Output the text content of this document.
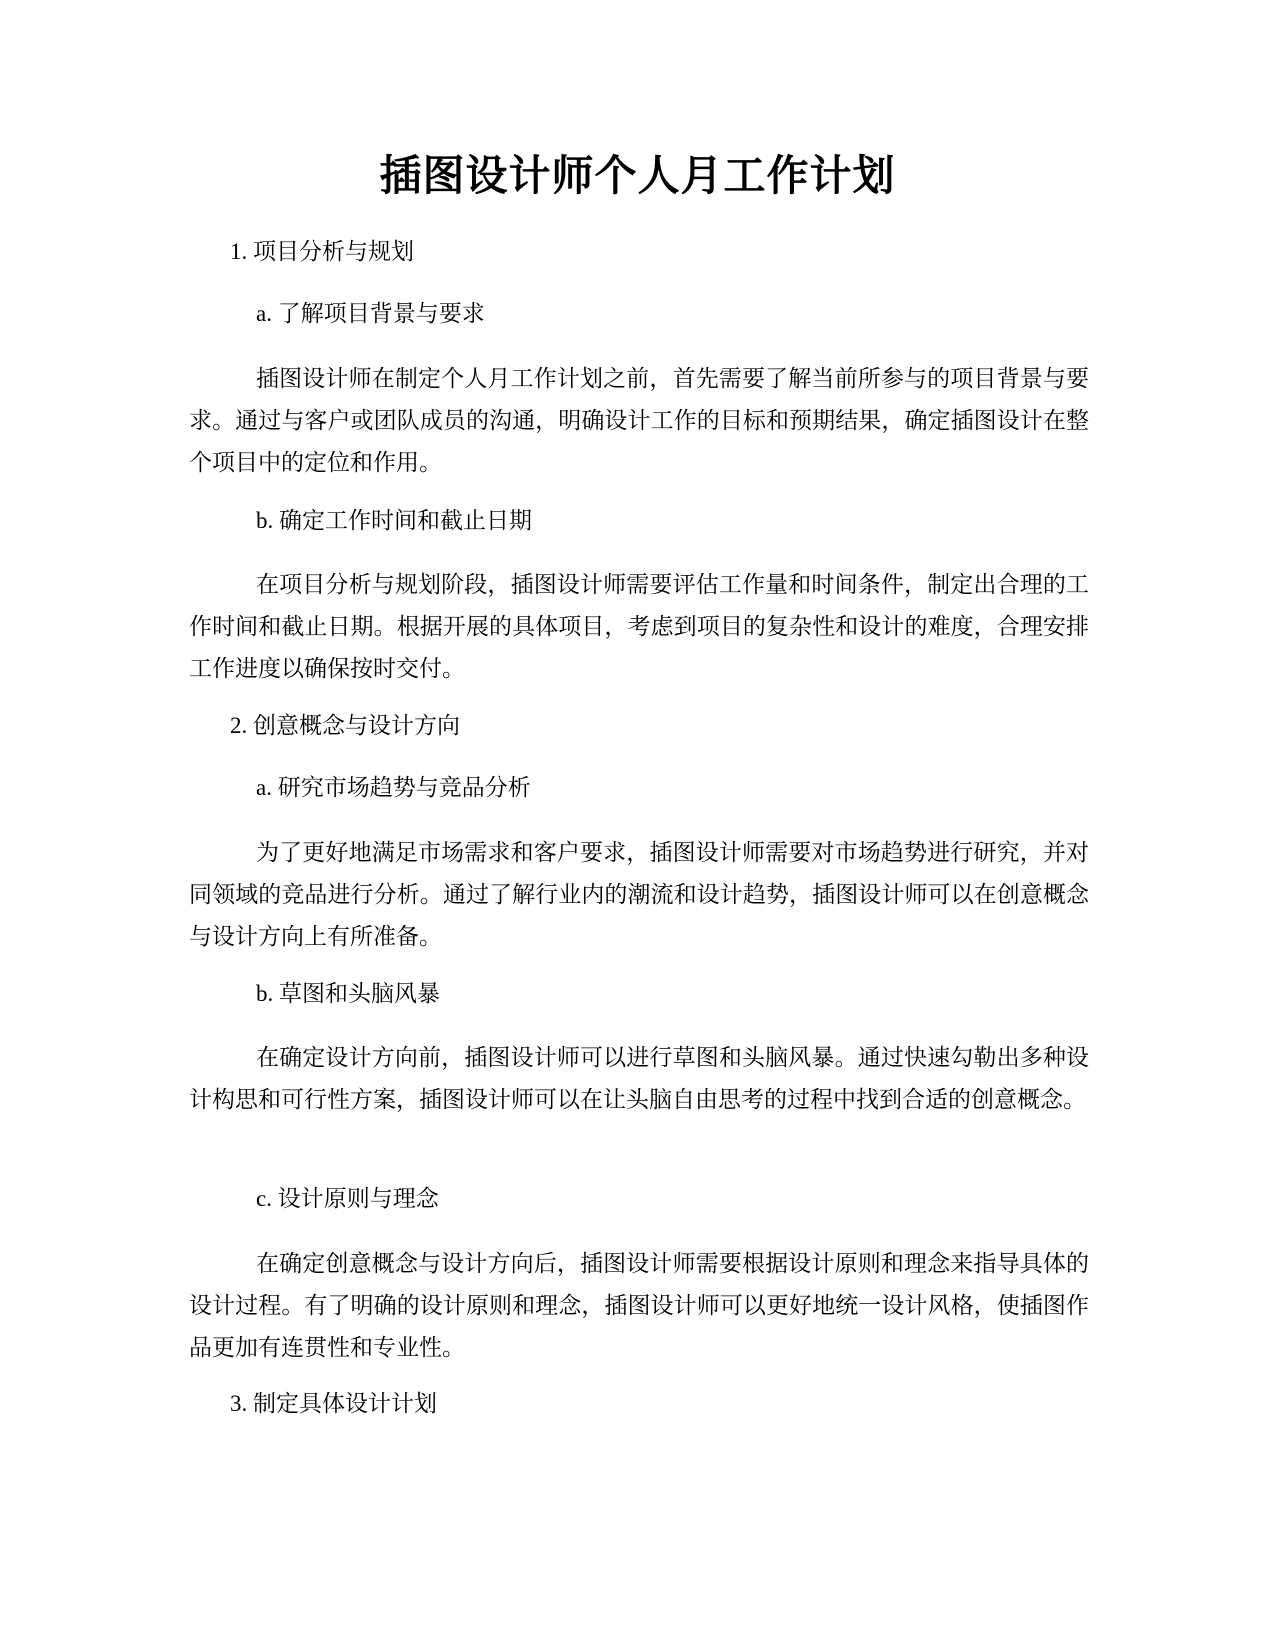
插图设计师个人月工作计划
1. 项目分析与规划
a. 了解项目背景与要求
插图设计师在制定个人月工作计划之前，首先需要了解当前所参与的项目背景与要求。通过与客户或团队成员的沟通，明确设计工作的目标和预期结果，确定插图设计在整个项目中的定位和作用。
b. 确定工作时间和截止日期
在项目分析与规划阶段，插图设计师需要评估工作量和时间条件，制定出合理的工作时间和截止日期。根据开展的具体项目，考虑到项目的复杂性和设计的难度，合理安排工作进度以确保按时交付。
2. 创意概念与设计方向
a. 研究市场趋势与竞品分析
为了更好地满足市场需求和客户要求，插图设计师需要对市场趋势进行研究，并对同领域的竞品进行分析。通过了解行业内的潮流和设计趋势，插图设计师可以在创意概念与设计方向上有所准备。
b. 草图和头脑风暴
在确定设计方向前，插图设计师可以进行草图和头脑风暴。通过快速勾勒出多种设计构思和可行性方案，插图设计师可以在让头脑自由思考的过程中找到合适的创意概念。
c. 设计原则与理念
在确定创意概念与设计方向后，插图设计师需要根据设计原则和理念来指导具体的设计过程。有了明确的设计原则和理念，插图设计师可以更好地统一设计风格，使插图作品更加有连贯性和专业性。
3. 制定具体设计计划
